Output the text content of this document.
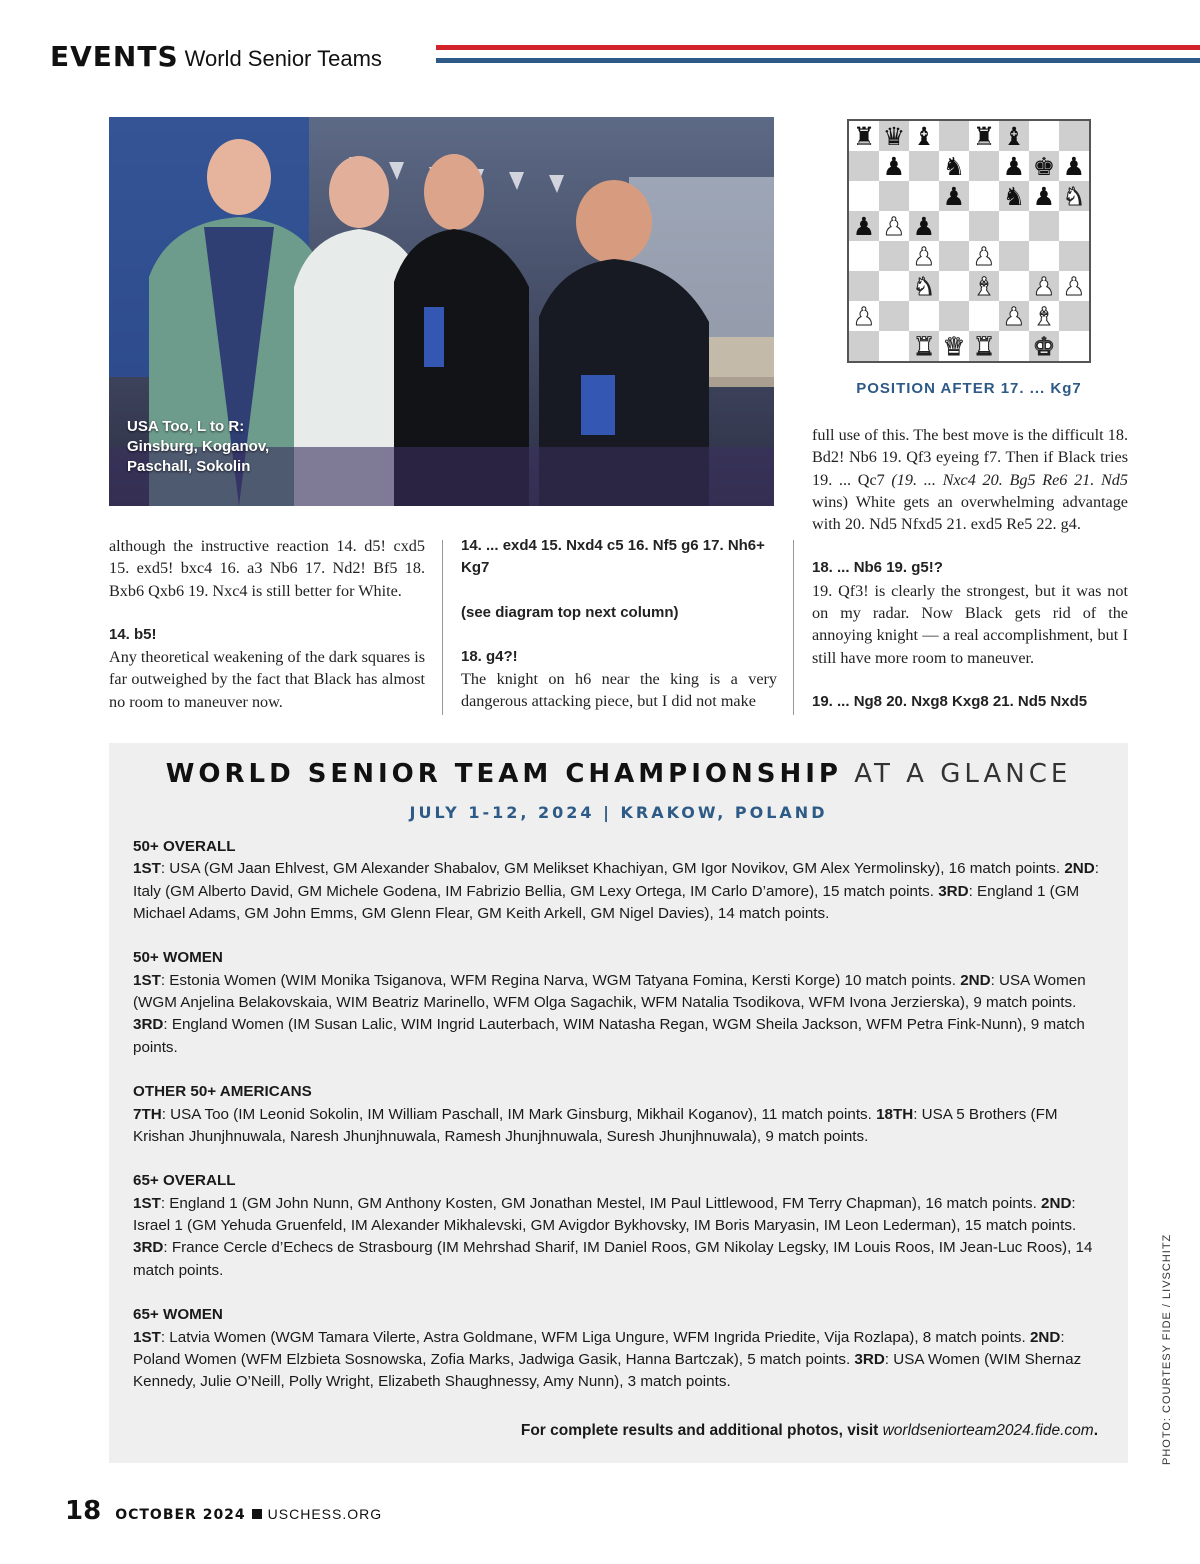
EVENTS World Senior Teams
USA Too, L to R:
Ginsburg, Koganov,
Paschall, Sokolin
♜ ♛ ♝ ♜ ♝
♟ ♞ ♟ ♚ ♟
♟ ♞ ♟ ♞
♟ ♟ ♟
♟ ♟
♞ ♝ ♟ ♟
♟	♟ ♝
♜ ♛ ♜ ♚
POSITION AFTER 17. ... Kg7

although the instructive reaction 14. d5! cxd5 15. exd5! bxc4 16. a3 Nb6 17. Nd2! Bf5 18. Bxb6 Qxb6 19. Nxc4 is still better for White.

14. b5!

Any theoretical weakening of the dark squares is far outweighed by the fact that Black has almost no room to maneuver now.

14. ... exd4 15. Nxd4 c5 16. Nf5 g6 17. Nh6+ Kg7

(see diagram top next column)

18. g4?!

The knight on h6 near the king is a very dangerous attacking piece, but I did not make

full use of this. The best move is the difficult 18. Bd2! Nb6 19. Qf3 eyeing f7. Then if Black tries 19. ... Qc7 (19. ... Nxc4 20. Bg5 Re6 21. Nd5 wins) White gets an overwhelming advantage with 20. Nd5 Nfxd5 21. exd5 Re5 22. g4.

18. ... Nb6 19. g5!?

19. Qf3! is clearly the strongest, but it was not on my radar. Now Black gets rid of the annoying knight — a real accomplishment, but I still have more room to maneuver.

19. ... Ng8 20. Nxg8 Kxg8 21. Nd5 Nxd5

WORLD SENIOR TEAM CHAMPIONSHIP AT A GLANCE
JULY 1-12, 2024 | KRAKOW, POLAND
50+ OVERALL
1ST: USA (GM Jaan Ehlvest, GM Alexander Shabalov, GM Melikset Khachiyan, GM Igor Novikov, GM Alex Yermolinsky), 16 match points. 2ND: Italy (GM Alberto David, GM Michele Godena, IM Fabrizio Bellia, GM Lexy Ortega, IM Carlo D’amore), 15 match points. 3RD: England 1 (GM Michael Adams, GM John Emms, GM Glenn Flear, GM Keith Arkell, GM Nigel Davies), 14 match points.
50+ WOMEN
1ST: Estonia Women (WIM Monika Tsiganova, WFM Regina Narva, WGM Tatyana Fomina, Kersti Korge) 10 match points. 2ND: USA Women (WGM Anjelina Belakovskaia, WIM Beatriz Marinello, WFM Olga Sagachik, WFM Natalia Tsodikova, WFM Ivona Jerzierska), 9 match points. 3RD: England Women (IM Susan Lalic, WIM Ingrid Lauterbach, WIM Natasha Regan, WGM Sheila Jackson, WFM Petra Fink-Nunn), 9 match points.
OTHER 50+ AMERICANS
7TH: USA Too (IM Leonid Sokolin, IM William Paschall, IM Mark Ginsburg, Mikhail Koganov), 11 match points. 18TH: USA 5 Brothers (FM Krishan Jhunjhnuwala, Naresh Jhunjhnuwala, Ramesh Jhunjhnuwala, Suresh Jhunjhnuwala), 9 match points.
65+ OVERALL
1ST: England 1 (GM John Nunn, GM Anthony Kosten, GM Jonathan Mestel, IM Paul Littlewood, FM Terry Chapman), 16 match points. 2ND: Israel 1 (GM Yehuda Gruenfeld, IM Alexander Mikhalevski, GM Avigdor Bykhovsky, IM Boris Maryasin, IM Leon Lederman), 15 match points. 3RD: France Cercle d’Echecs de Strasbourg (IM Mehrshad Sharif, IM Daniel Roos, GM Nikolay Legsky, IM Louis Roos, IM Jean-Luc Roos), 14 match points.
65+ WOMEN
1ST: Latvia Women (WGM Tamara Vilerte, Astra Goldmane, WFM Liga Ungure, WFM Ingrida Priedite, Vija Rozlapa), 8 match points. 2ND: Poland Women (WFM Elzbieta Sosnowska, Zofia Marks, Jadwiga Gasik, Hanna Bartczak), 5 match points. 3RD: USA Women (WIM Shernaz Kennedy, Julie O’Neill, Polly Wright, Elizabeth Shaughnessy, Amy Nunn), 3 match points.
For complete results and additional photos, visit worldseniorteam2024.fide.com.	PHOTO: COURTESY FIDE / LIVSCHITZ
18 OCTOBER 2024 USCHESS.ORG
